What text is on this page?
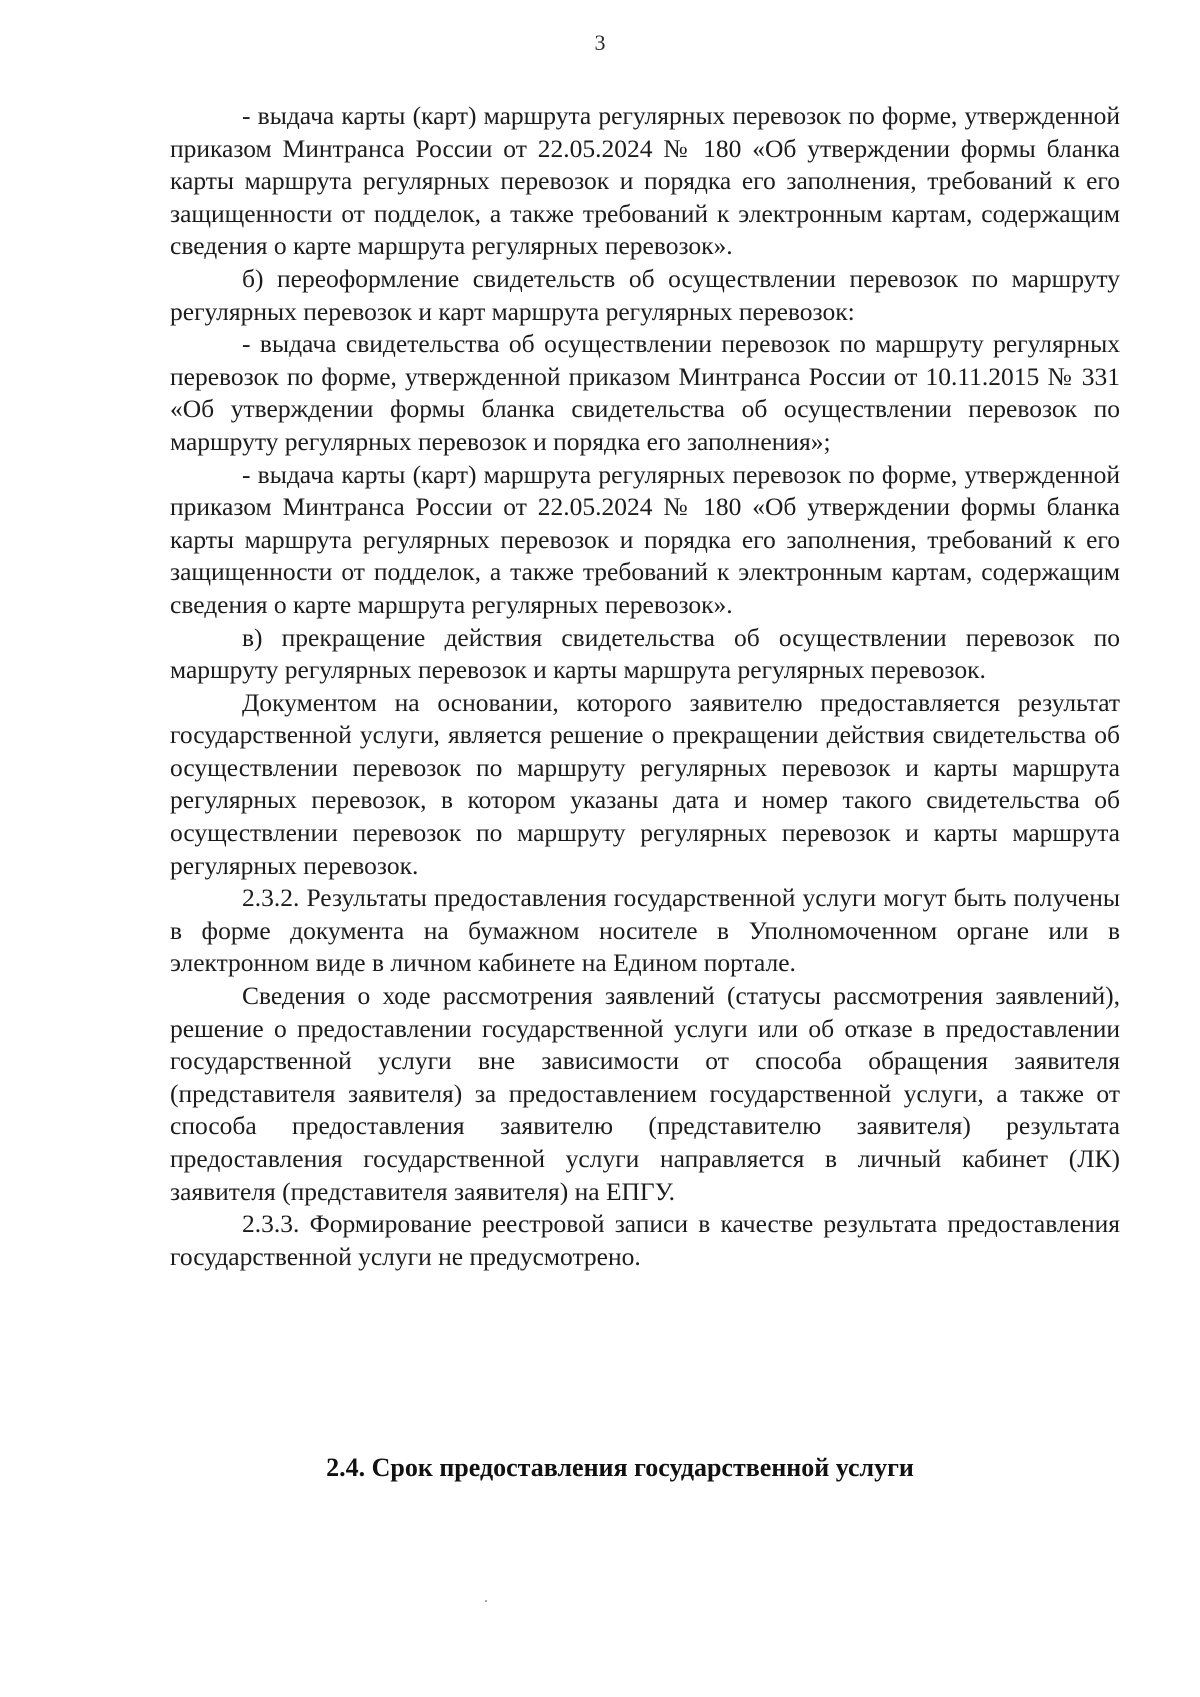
3

- выдача карты (карт) маршрута регулярных перевозок по форме, утвержденной приказом Минтранса России от 22.05.2024 № 180 «Об утверждении формы бланка карты маршрута регулярных перевозок и порядка его заполнения, требований к его защищенности от подделок, а также требований к электронным картам, содержащим сведения о карте маршрута регулярных перевозок».

б) переоформление свидетельств об осуществлении перевозок по маршруту регулярных перевозок и карт маршрута регулярных перевозок:

- выдача свидетельства об осуществлении перевозок по маршруту регулярных перевозок по форме, утвержденной приказом Минтранса России от 10.11.2015 № 331 «Об утверждении формы бланка свидетельства об осуществлении перевозок по маршруту регулярных перевозок и порядка его заполнения»;

- выдача карты (карт) маршрута регулярных перевозок по форме, утвержденной приказом Минтранса России от 22.05.2024 № 180 «Об утверждении формы бланка карты маршрута регулярных перевозок и порядка его заполнения, требований к его защищенности от подделок, а также требований к электронным картам, содержащим сведения о карте маршрута регулярных перевозок».

в) прекращение действия свидетельства об осуществлении перевозок по маршруту регулярных перевозок и карты маршрута регулярных перевозок.

Документом на основании, которого заявителю предоставляется результат государственной услуги, является решение о прекращении действия свидетельства об осуществлении перевозок по маршруту регулярных перевозок и карты маршрута регулярных перевозок, в котором указаны дата и номер такого свидетельства об осуществлении перевозок по маршруту регулярных перевозок и карты маршрута регулярных перевозок.

2.3.2. Результаты предоставления государственной услуги могут быть получены в форме документа на бумажном носителе в Уполномоченном органе или в электронном виде в личном кабинете на Едином портале.

Сведения о ходе рассмотрения заявлений (статусы рассмотрения заявлений), решение о предоставлении государственной услуги или об отказе в предоставлении государственной услуги вне зависимости от способа обращения заявителя (представителя заявителя) за предоставлением государственной услуги, а также от способа предоставления заявителю (представителю заявителя) результата предоставления государственной услуги направляется в личный кабинет (ЛК) заявителя (представителя заявителя) на ЕПГУ.

2.3.3. Формирование реестровой записи в качестве результата предоставления государственной услуги не предусмотрено.

2.4. Срок предоставления государственной услуги
